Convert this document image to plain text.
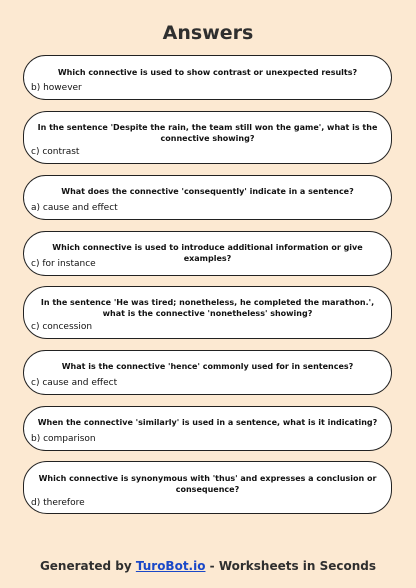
Answers
Which connective is used to show contrast or unexpected results?
b) however
In the sentence 'Despite the rain, the team still won the game', what is the connective showing?
c) contrast
What does the connective 'consequently' indicate in a sentence?
a) cause and effect
Which connective is used to introduce additional information or give examples?
c) for instance
In the sentence 'He was tired; nonetheless, he completed the marathon.', what is the connective 'nonetheless' showing?
c) concession
What is the connective 'hence' commonly used for in sentences?
c) cause and effect
When the connective 'similarly' is used in a sentence, what is it indicating?
b) comparison
Which connective is synonymous with 'thus' and expresses a conclusion or consequence?
d) therefore
Generated by TuroBot.io - Worksheets in Seconds
